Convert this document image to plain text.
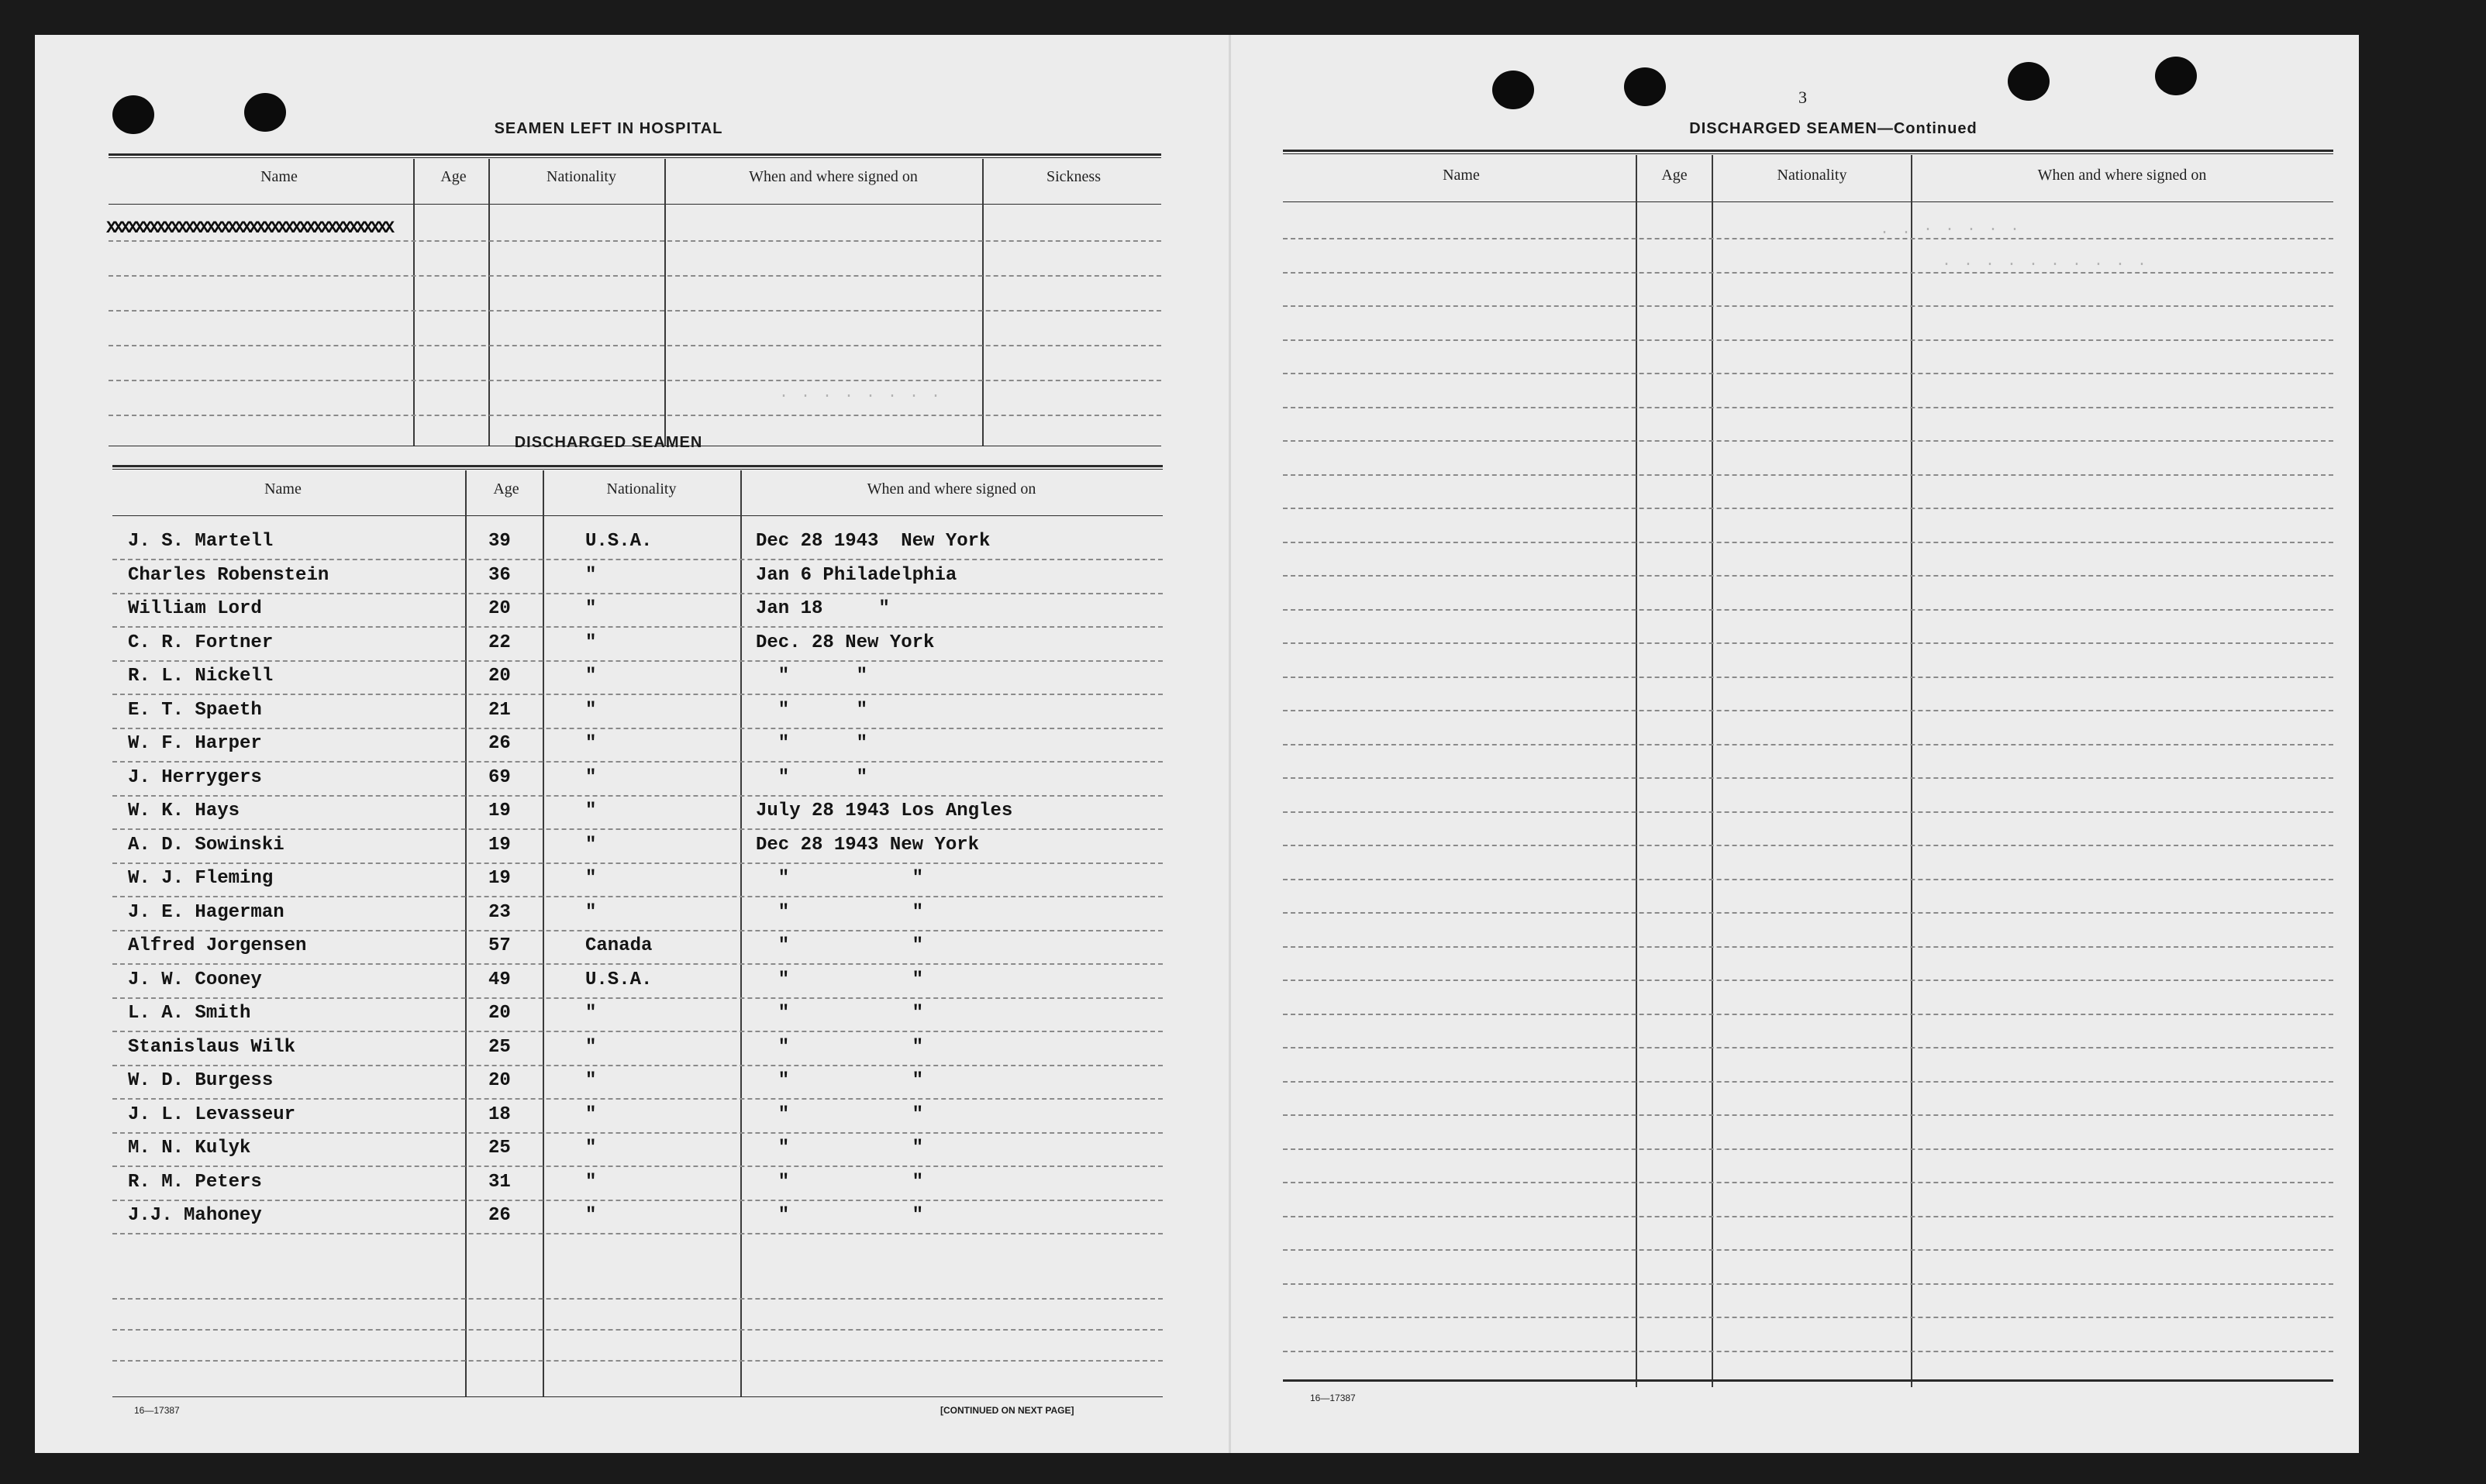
SEAMEN LEFT IN HOSPITAL
Name	Age	Nationality	When and where signed on	Sickness
XXXXXXXXXXXXXXXXXXXXXXXXXXXXXXXXXXXXXXXX
· · · · · · · ·
DISCHARGED SEAMEN
Name	Age	Nationality	When and where signed on
J. S. Martell	39	U.S.A.	Dec 28 1943  New York
Charles Robenstein	36	"	Jan 6 Philadelphia
William Lord	20	"	Jan 18     "
C. R. Fortner	22	"	Dec. 28 New York
R. L. Nickell	20	"	"      "
E. T. Spaeth	21	"	"      "
W. F. Harper	26	"	"      "
J. Herrygers	69	"	"      "
W. K. Hays	19	"	July 28 1943 Los Angles
A. D. Sowinski	19	"	Dec 28 1943 New York
W. J. Fleming	19	"	"           "
J. E. Hagerman	23	"	"           "
Alfred Jorgensen	57	Canada	"           "
J. W. Cooney	49	U.S.A.	"           "
L. A. Smith	20	"	"           "
Stanislaus Wilk	25	"	"           "
W. D. Burgess	20	"	"           "
J. L. Levasseur	18	"	"           "
M. N. Kulyk	25	"	"           "
R. M. Peters	31	"	"           "
J.J. Mahoney	26	"	"           "
16—17387	[CONTINUED ON NEXT PAGE]
3
DISCHARGED SEAMEN—Continued
Name	Age	Nationality	When and where signed on
. . · · · · ·
· · · · · · · · · ·
16—17387
